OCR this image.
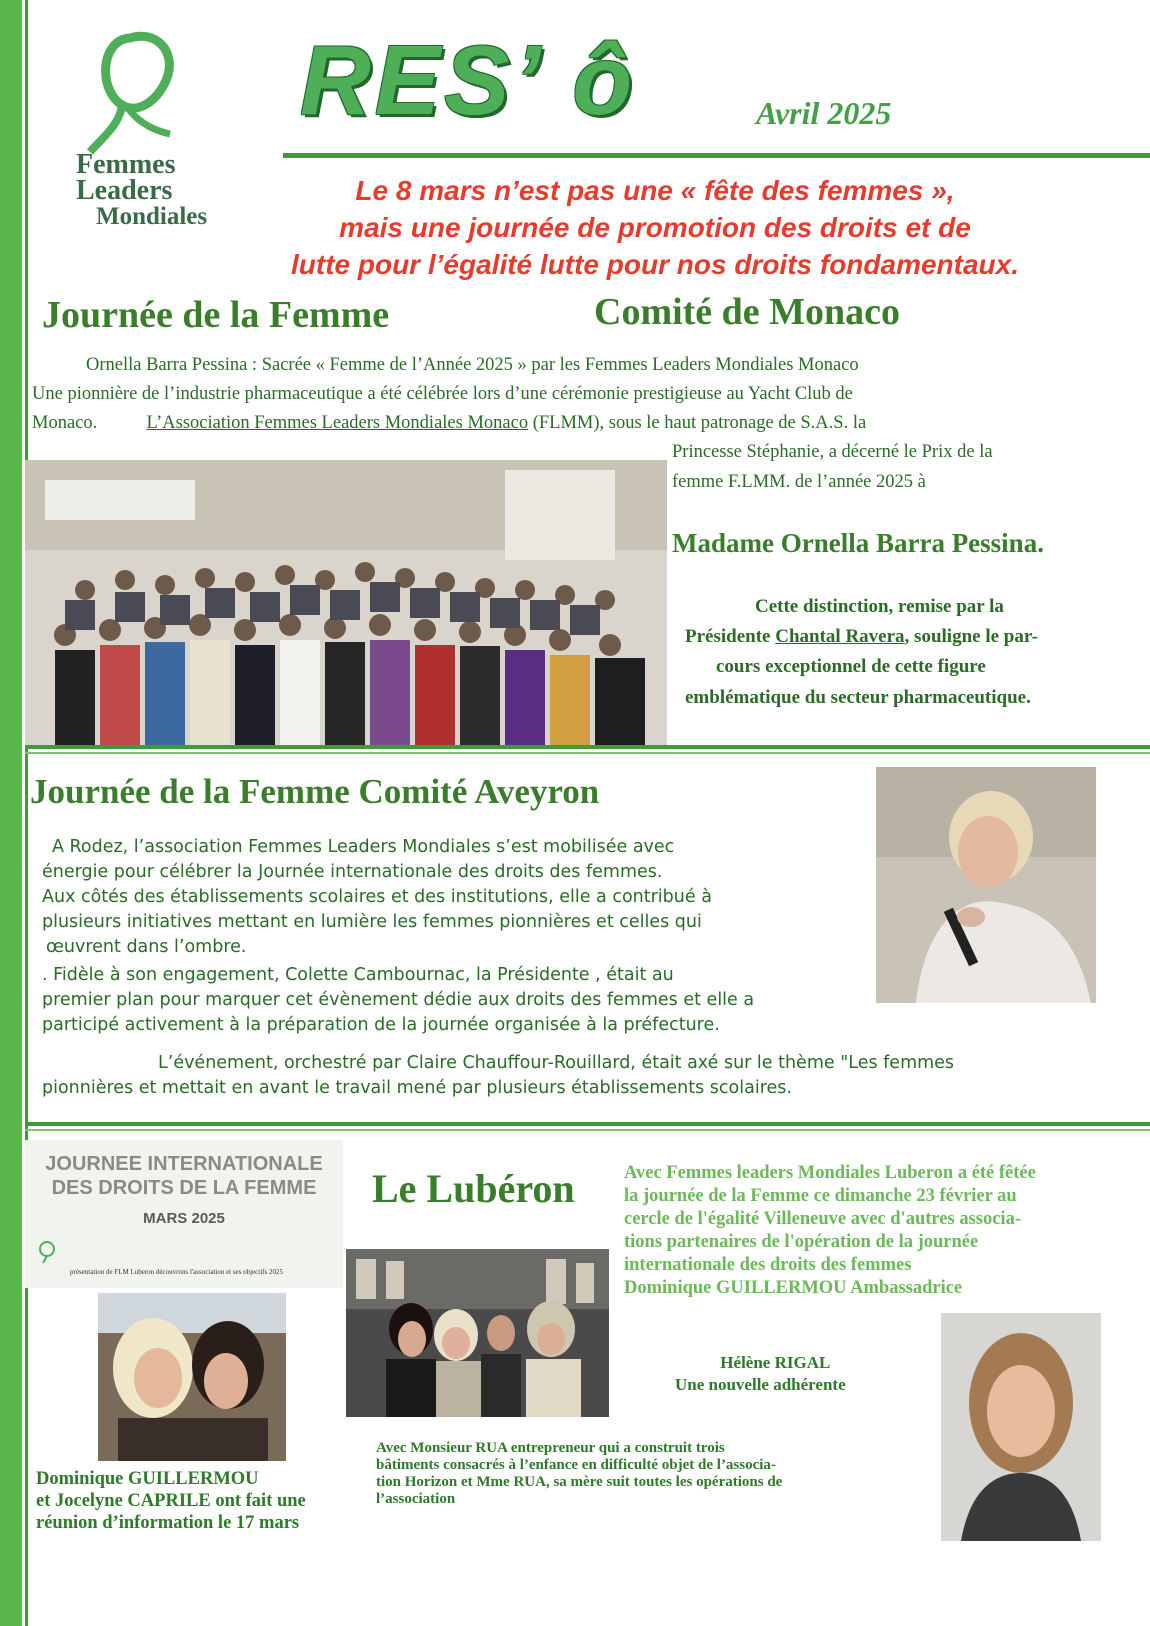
Femmes
Leaders
Mondiales
RES’ ô	Avril 2025
Le 8 mars n’est pas une « fête des femmes »,
mais une journée de promotion des droits et de
lutte pour l’égalité lutte pour nos droits fondamentaux.
Journée de la Femme	Comité de Monaco
Ornella Barra Pessina : Sacrée « Femme de l’Année 2025 » par les Femmes Leaders Mondiales Monaco
Une pionnière de l’industrie pharmaceutique a été célébrée lors d’une cérémonie prestigieuse au Yacht Club de
Monaco.	L’Association Femmes Leaders Mondiales Monaco (FLMM), sous le haut patronage de S.A.S. la
Princesse Stéphanie, a décerné le Prix de la
femme F.LMM. de l’année 2025 à
Madame Ornella Barra Pessina.
Cette distinction, remise par la
Présidente Chantal Ravera, souligne le par-
cours exceptionnel de cette figure
emblématique du secteur pharmaceutique.
Journée de la Femme Comité Aveyron
A Rodez, l’association Femmes Leaders Mondiales s’est mobilisée avec
énergie pour célébrer la Journée internationale des droits des femmes.
Aux côtés des établissements scolaires et des institutions, elle a contribué à
plusieurs initiatives mettant en lumière les femmes pionnières et celles qui
œuvrent dans l’ombre.
. Fidèle à son engagement, Colette Cambournac, la Présidente , était au
premier plan pour marquer cet évènement dédie aux droits des femmes et elle a
participé activement à la préparation de la journée organisée à la préfecture.
L’événement, orchestré par Claire Chauffour-Rouillard, était axé sur le thème "Les femmes
pionnières et mettait en avant le travail mené par plusieurs établissements scolaires.
JOURNEE INTERNATIONALE
DES DROITS DE LA FEMME
MARS 2025
présentation de FLM Luberon découvrons l'association et ses objectifs 2025
Le Lubéron	Avec Femmes leaders Mondiales Luberon a été fêtée
la journée de la Femme ce dimanche 23 février au
cercle de l'égalité Villeneuve avec d'autres associa-
tions partenaires de l'opération de la journée
internationale des droits des femmes
Dominique GUILLERMOU Ambassadrice
Hélène RIGAL
Une nouvelle adhérente
Dominique GUILLERMOU
et Jocelyne CAPRILE ont fait une
réunion d’information le 17 mars
Avec Monsieur RUA entrepreneur qui a construit trois
bâtiments consacrés à l’enfance en difficulté objet de l’associa-
tion Horizon et Mme RUA, sa mère suit toutes les opérations de
l’association
